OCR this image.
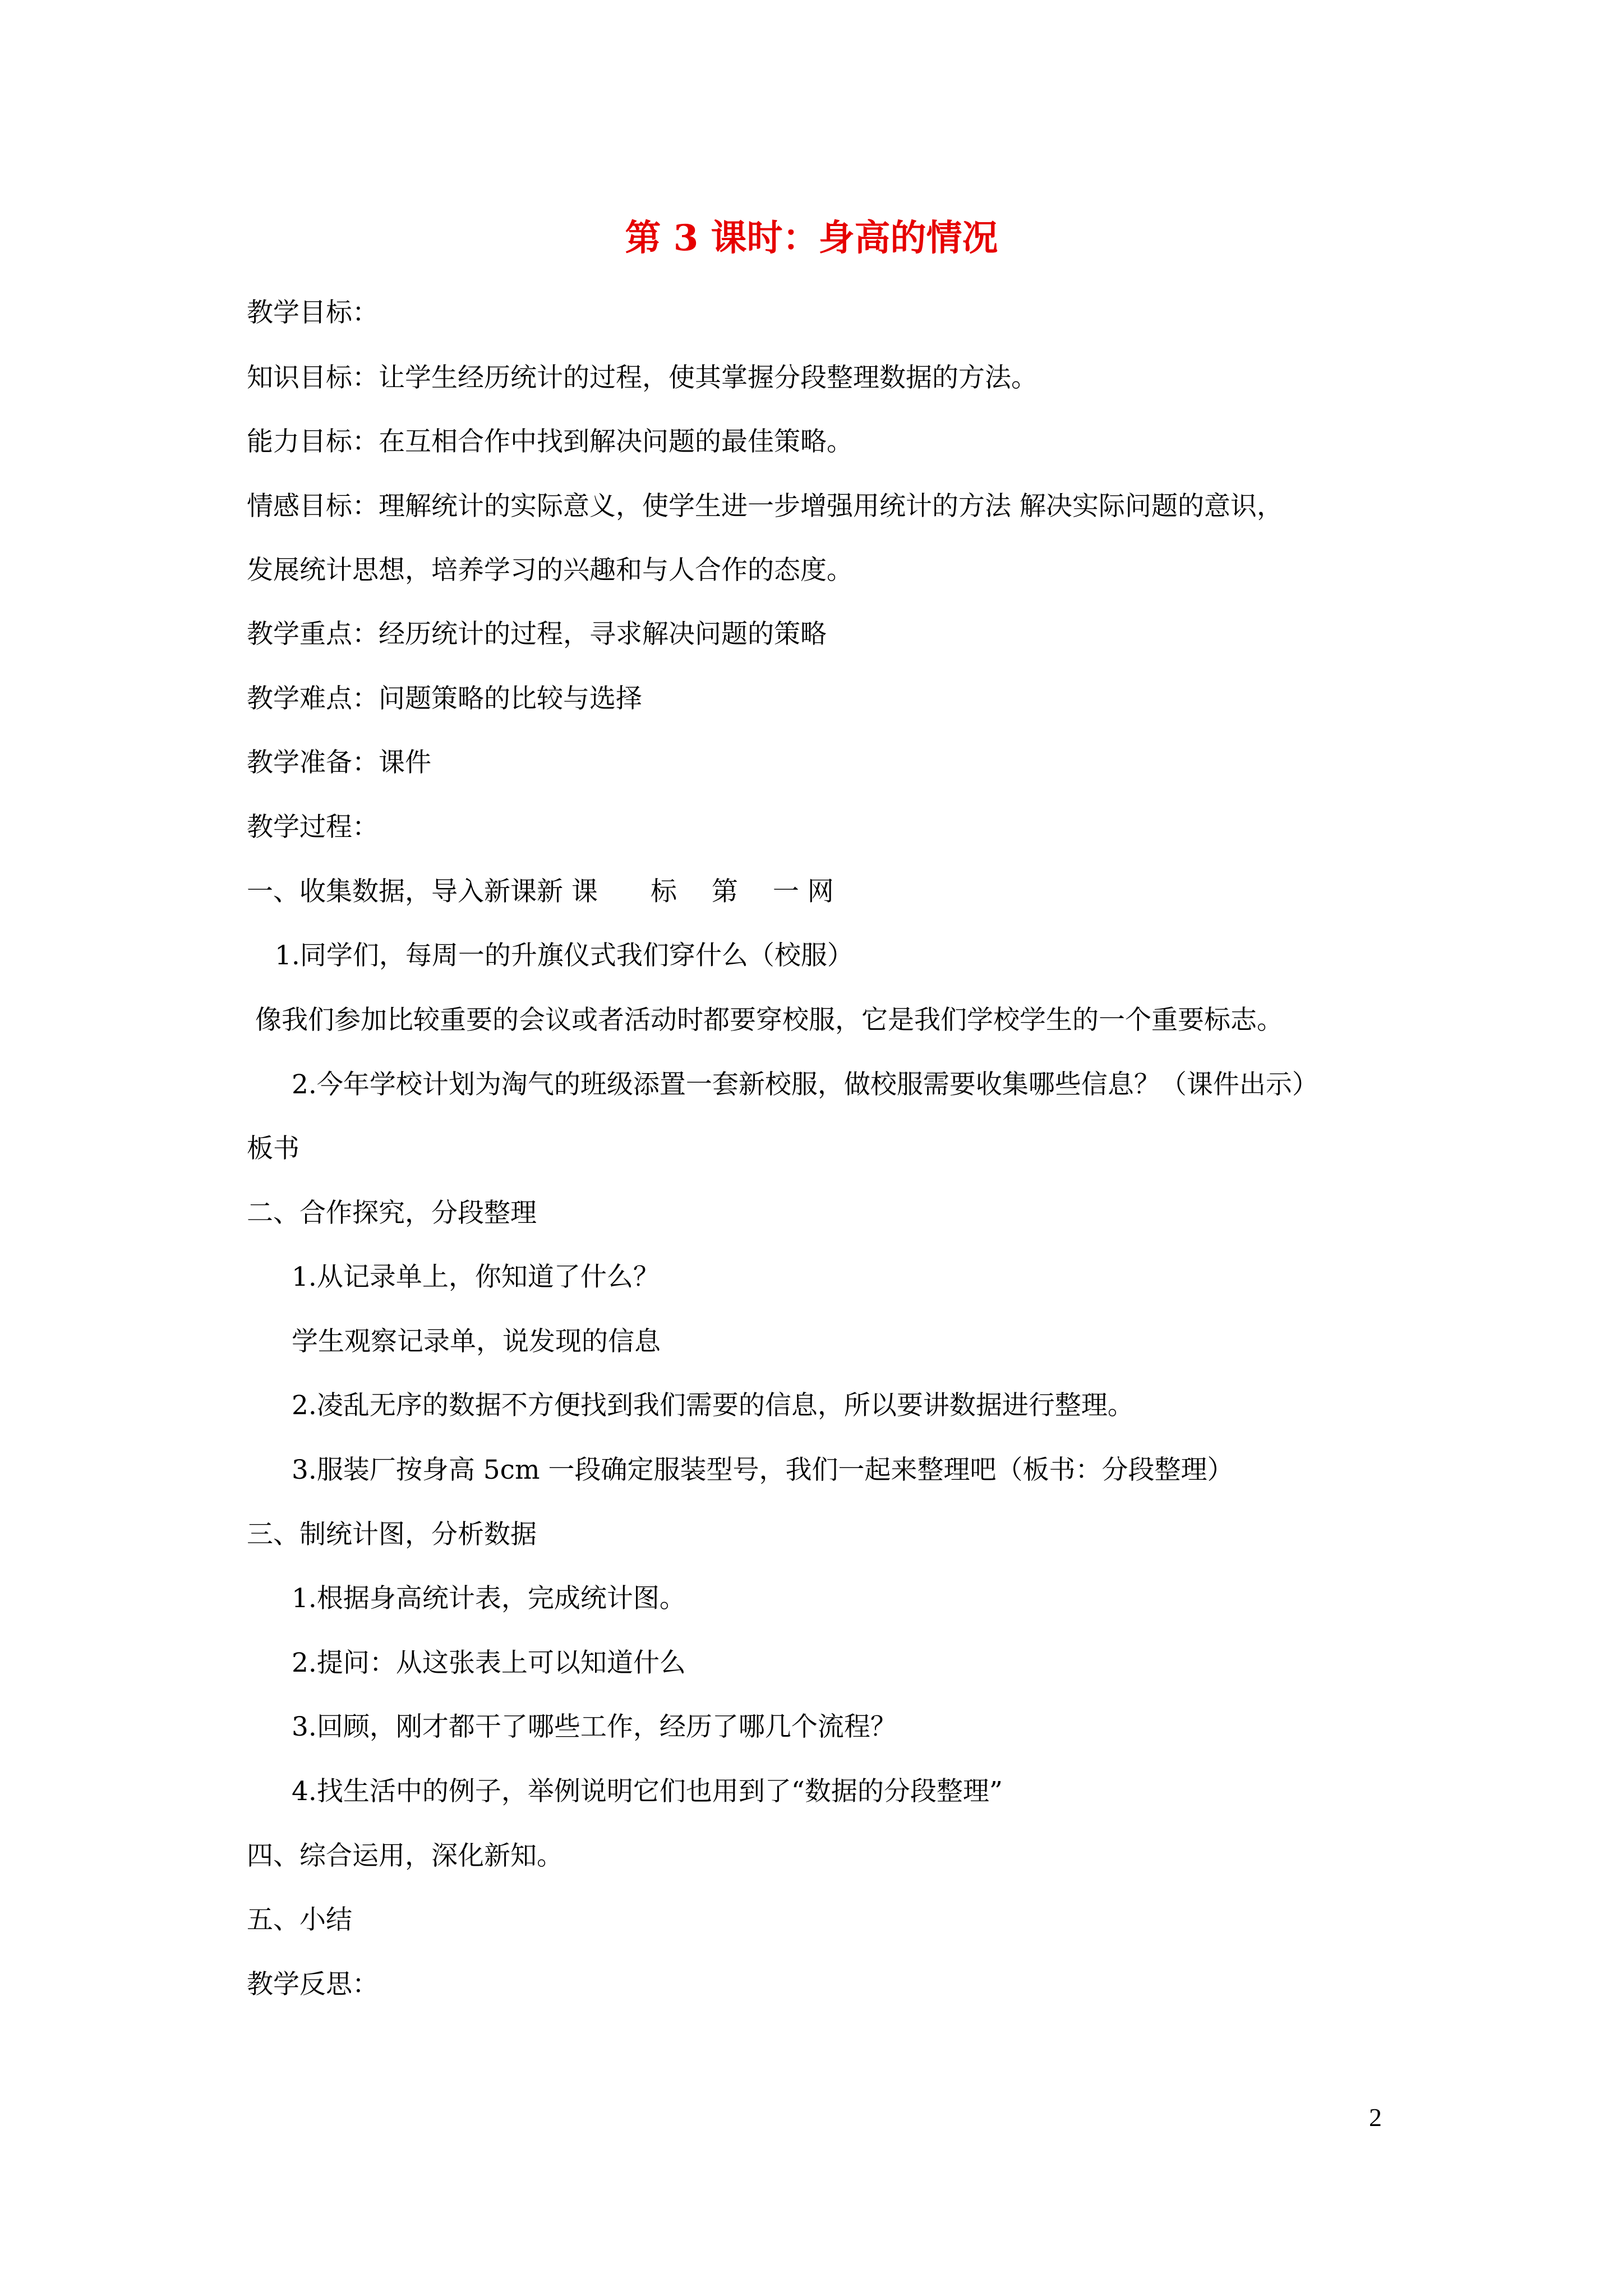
第 3 课时：身高的情况
教学目标：
知识目标：让学生经历统计的过程，使其掌握分段整理数据的方法。
能力目标：在互相合作中找到解决问题的最佳策略。
情感目标：理解统计的实际意义，使学生进一步增强用统计的方法 解决实际问题的意识，
发展统计思想，培养学习的兴趣和与人合作的态度。
教学重点：经历统计的过程，寻求解决问题的策略
教学难点：问题策略的比较与选择
教学准备：课件
教学过程：
一、收集数据，导入新课新 课　　标　 第　 一 网
1.同学们，每周一的升旗仪式我们穿什么（校服）
像我们参加比较重要的会议或者活动时都要穿校服，它是我们学校学生的一个重要标志。
2.今年学校计划为淘气的班级添置一套新校服，做校服需要收集哪些信息？（课件出示）
板书
二、合作探究，分段整理
1.从记录单上，你知道了什么？
学生观察记录单，说发现的信息
2.凌乱无序的数据不方便找到我们需要的信息，所以要讲数据进行整理。
3.服装厂按身高 5cm 一段确定服装型号，我们一起来整理吧（板书：分段整理）
三、制统计图，分析数据
1.根据身高统计表，完成统计图。
2.提问：从这张表上可以知道什么
3.回顾，刚才都干了哪些工作，经历了哪几个流程？
4.找生活中的例子，举例说明它们也用到了“数据的分段整理”
四、综合运用，深化新知。
五、小结
教学反思：
2
